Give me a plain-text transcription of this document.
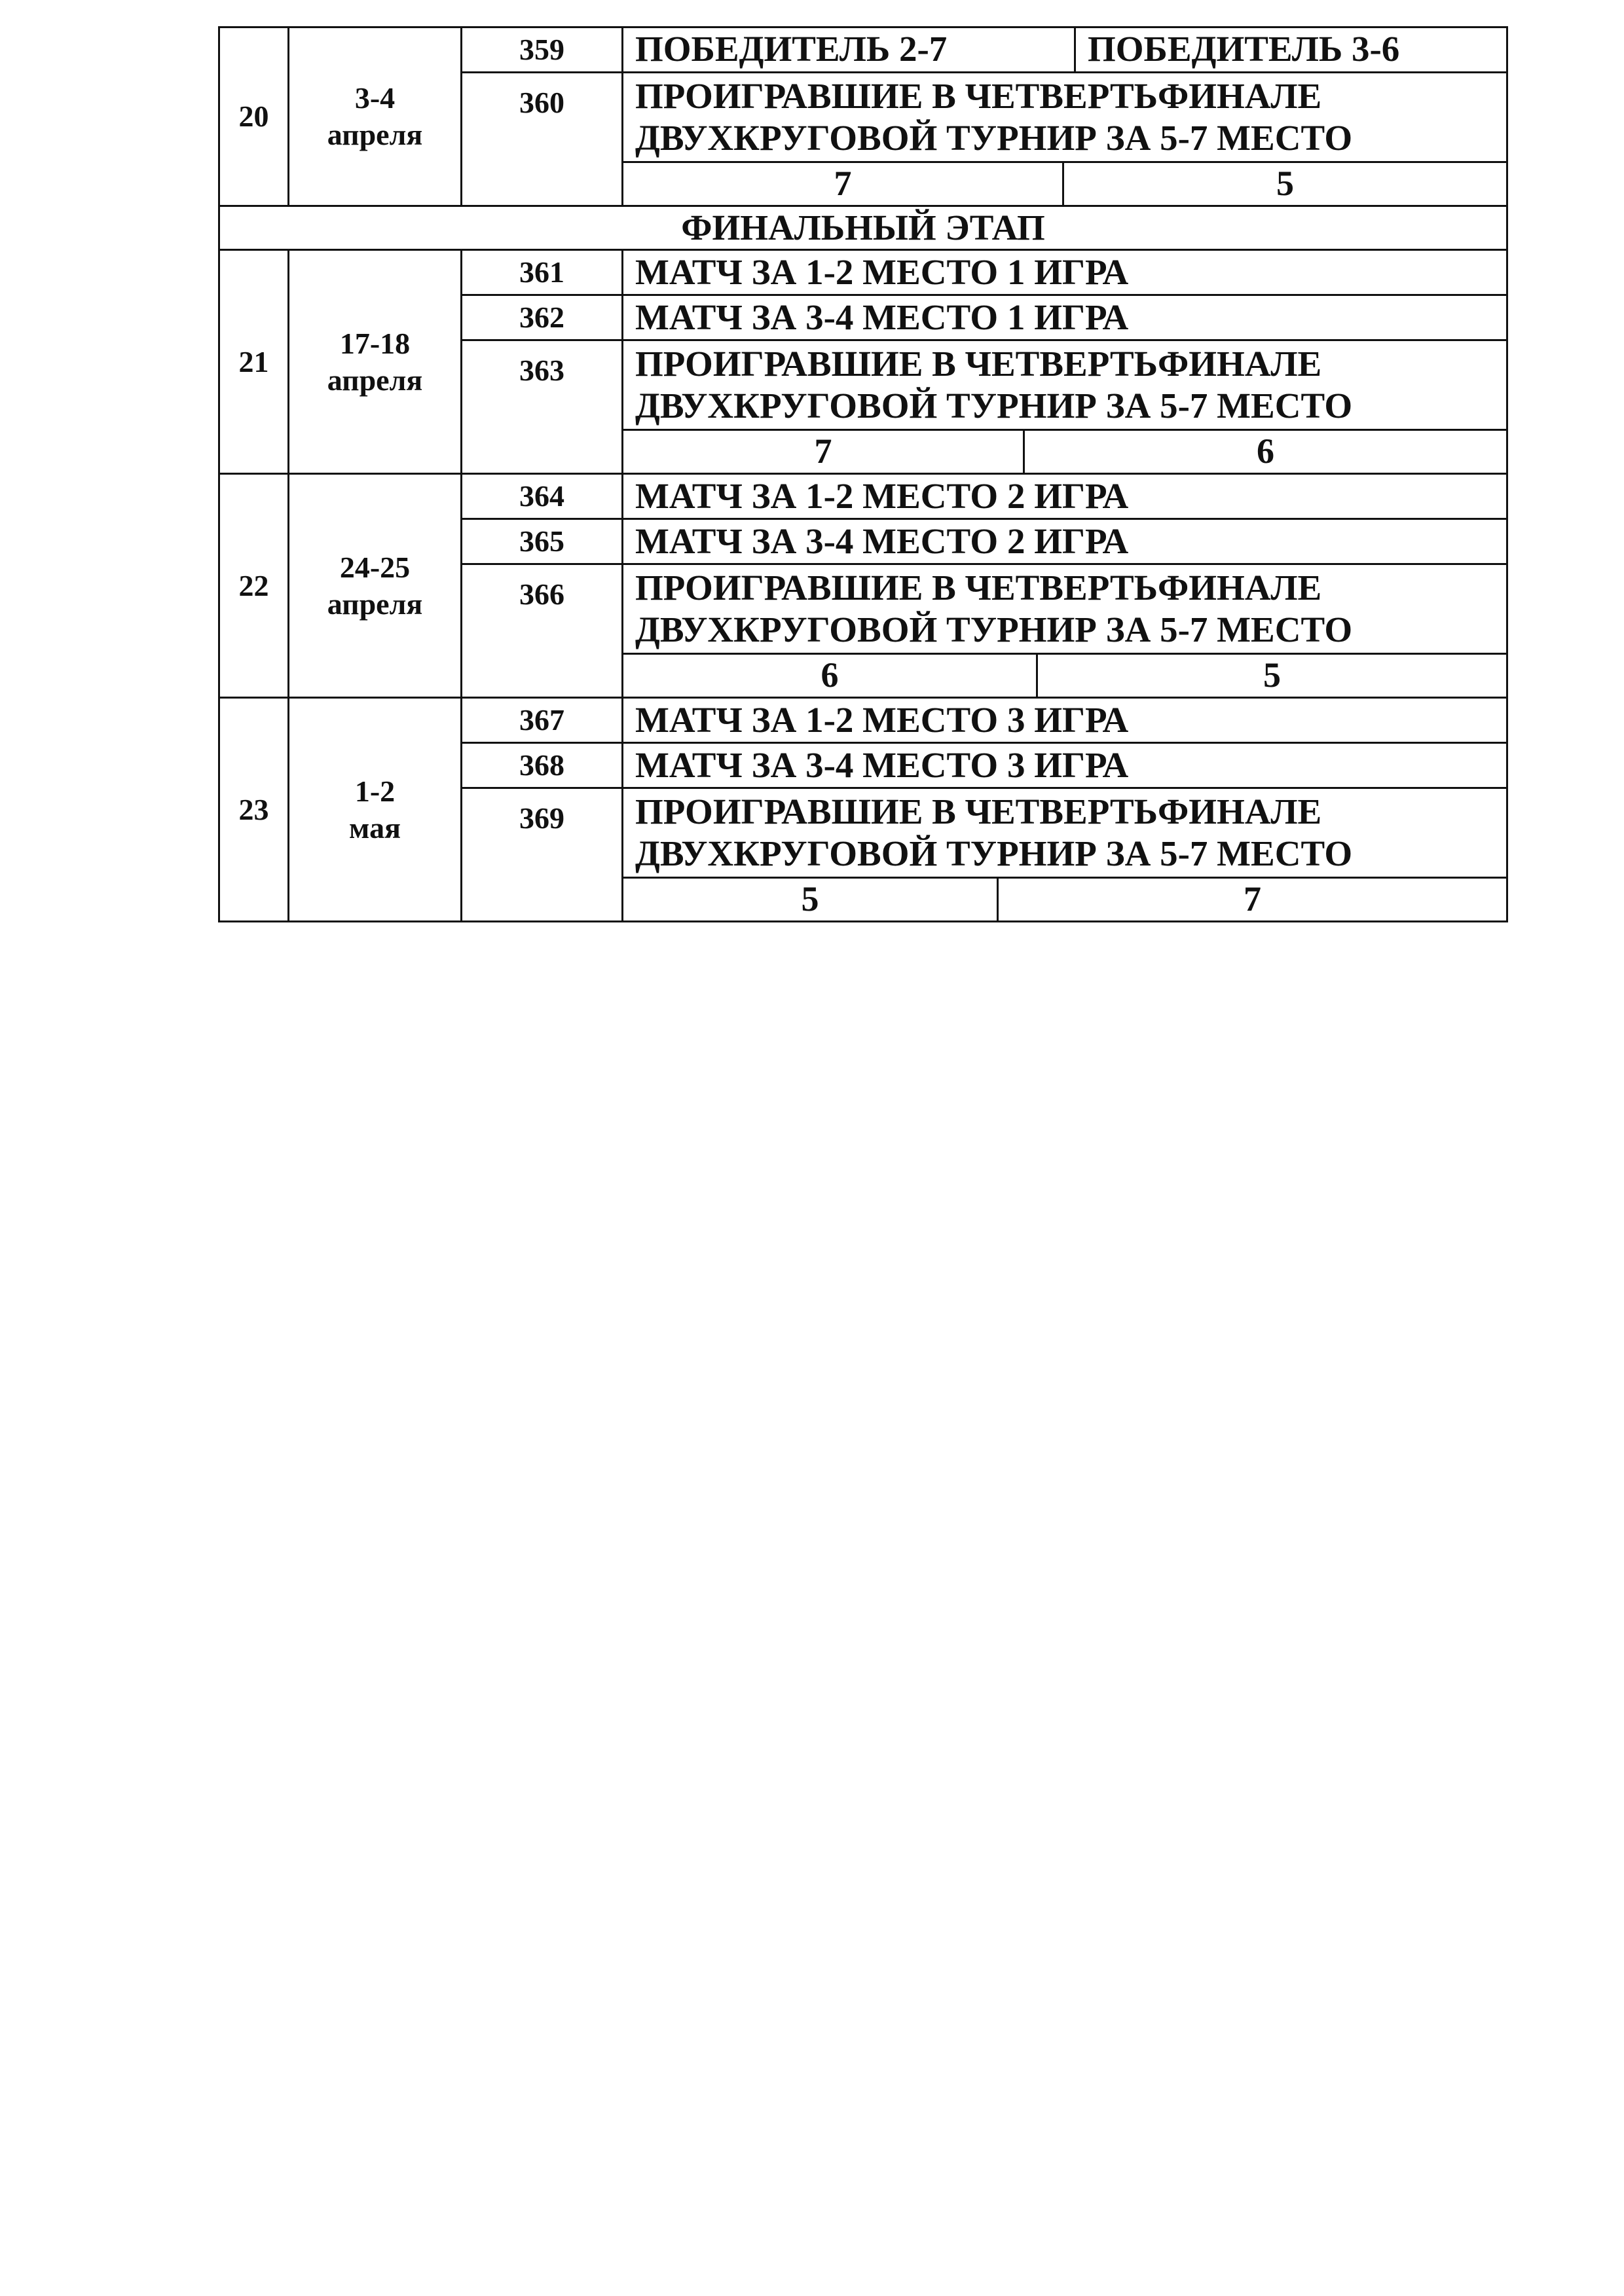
20	3-4
апреля	359	ПОБЕДИТЕЛЬ 2-7 ПОБЕДИТЕЛЬ 3-6

		360	ПРОИГРАВШИЕ В ЧЕТВЕРТЬФИНАЛЕ
ДВУХКРУГОВОЙ ТУРНИР ЗА 5-7 МЕСТО

			7 5

ФИНАЛЬНЫЙ ЭТАП			
21	17-18
апреля	361	МАТЧ ЗА 1-2 МЕСТО 1 ИГРА
		362	МАТЧ ЗА 3-4 МЕСТО 1 ИГРА
		363	ПРОИГРАВШИЕ В ЧЕТВЕРТЬФИНАЛЕ
ДВУХКРУГОВОЙ ТУРНИР ЗА 5-7 МЕСТО

			7 6

22	24-25
апреля	364	МАТЧ ЗА 1-2 МЕСТО 2 ИГРА
		365	МАТЧ ЗА 3-4 МЕСТО 2 ИГРА
		366	ПРОИГРАВШИЕ В ЧЕТВЕРТЬФИНАЛЕ
ДВУХКРУГОВОЙ ТУРНИР ЗА 5-7 МЕСТО

			6 5

23	1-2
мая	367	МАТЧ ЗА 1-2 МЕСТО 3 ИГРА
		368	МАТЧ ЗА 3-4 МЕСТО 3 ИГРА
		369	ПРОИГРАВШИЕ В ЧЕТВЕРТЬФИНАЛЕ
ДВУХКРУГОВОЙ ТУРНИР ЗА 5-7 МЕСТО

			5 7
